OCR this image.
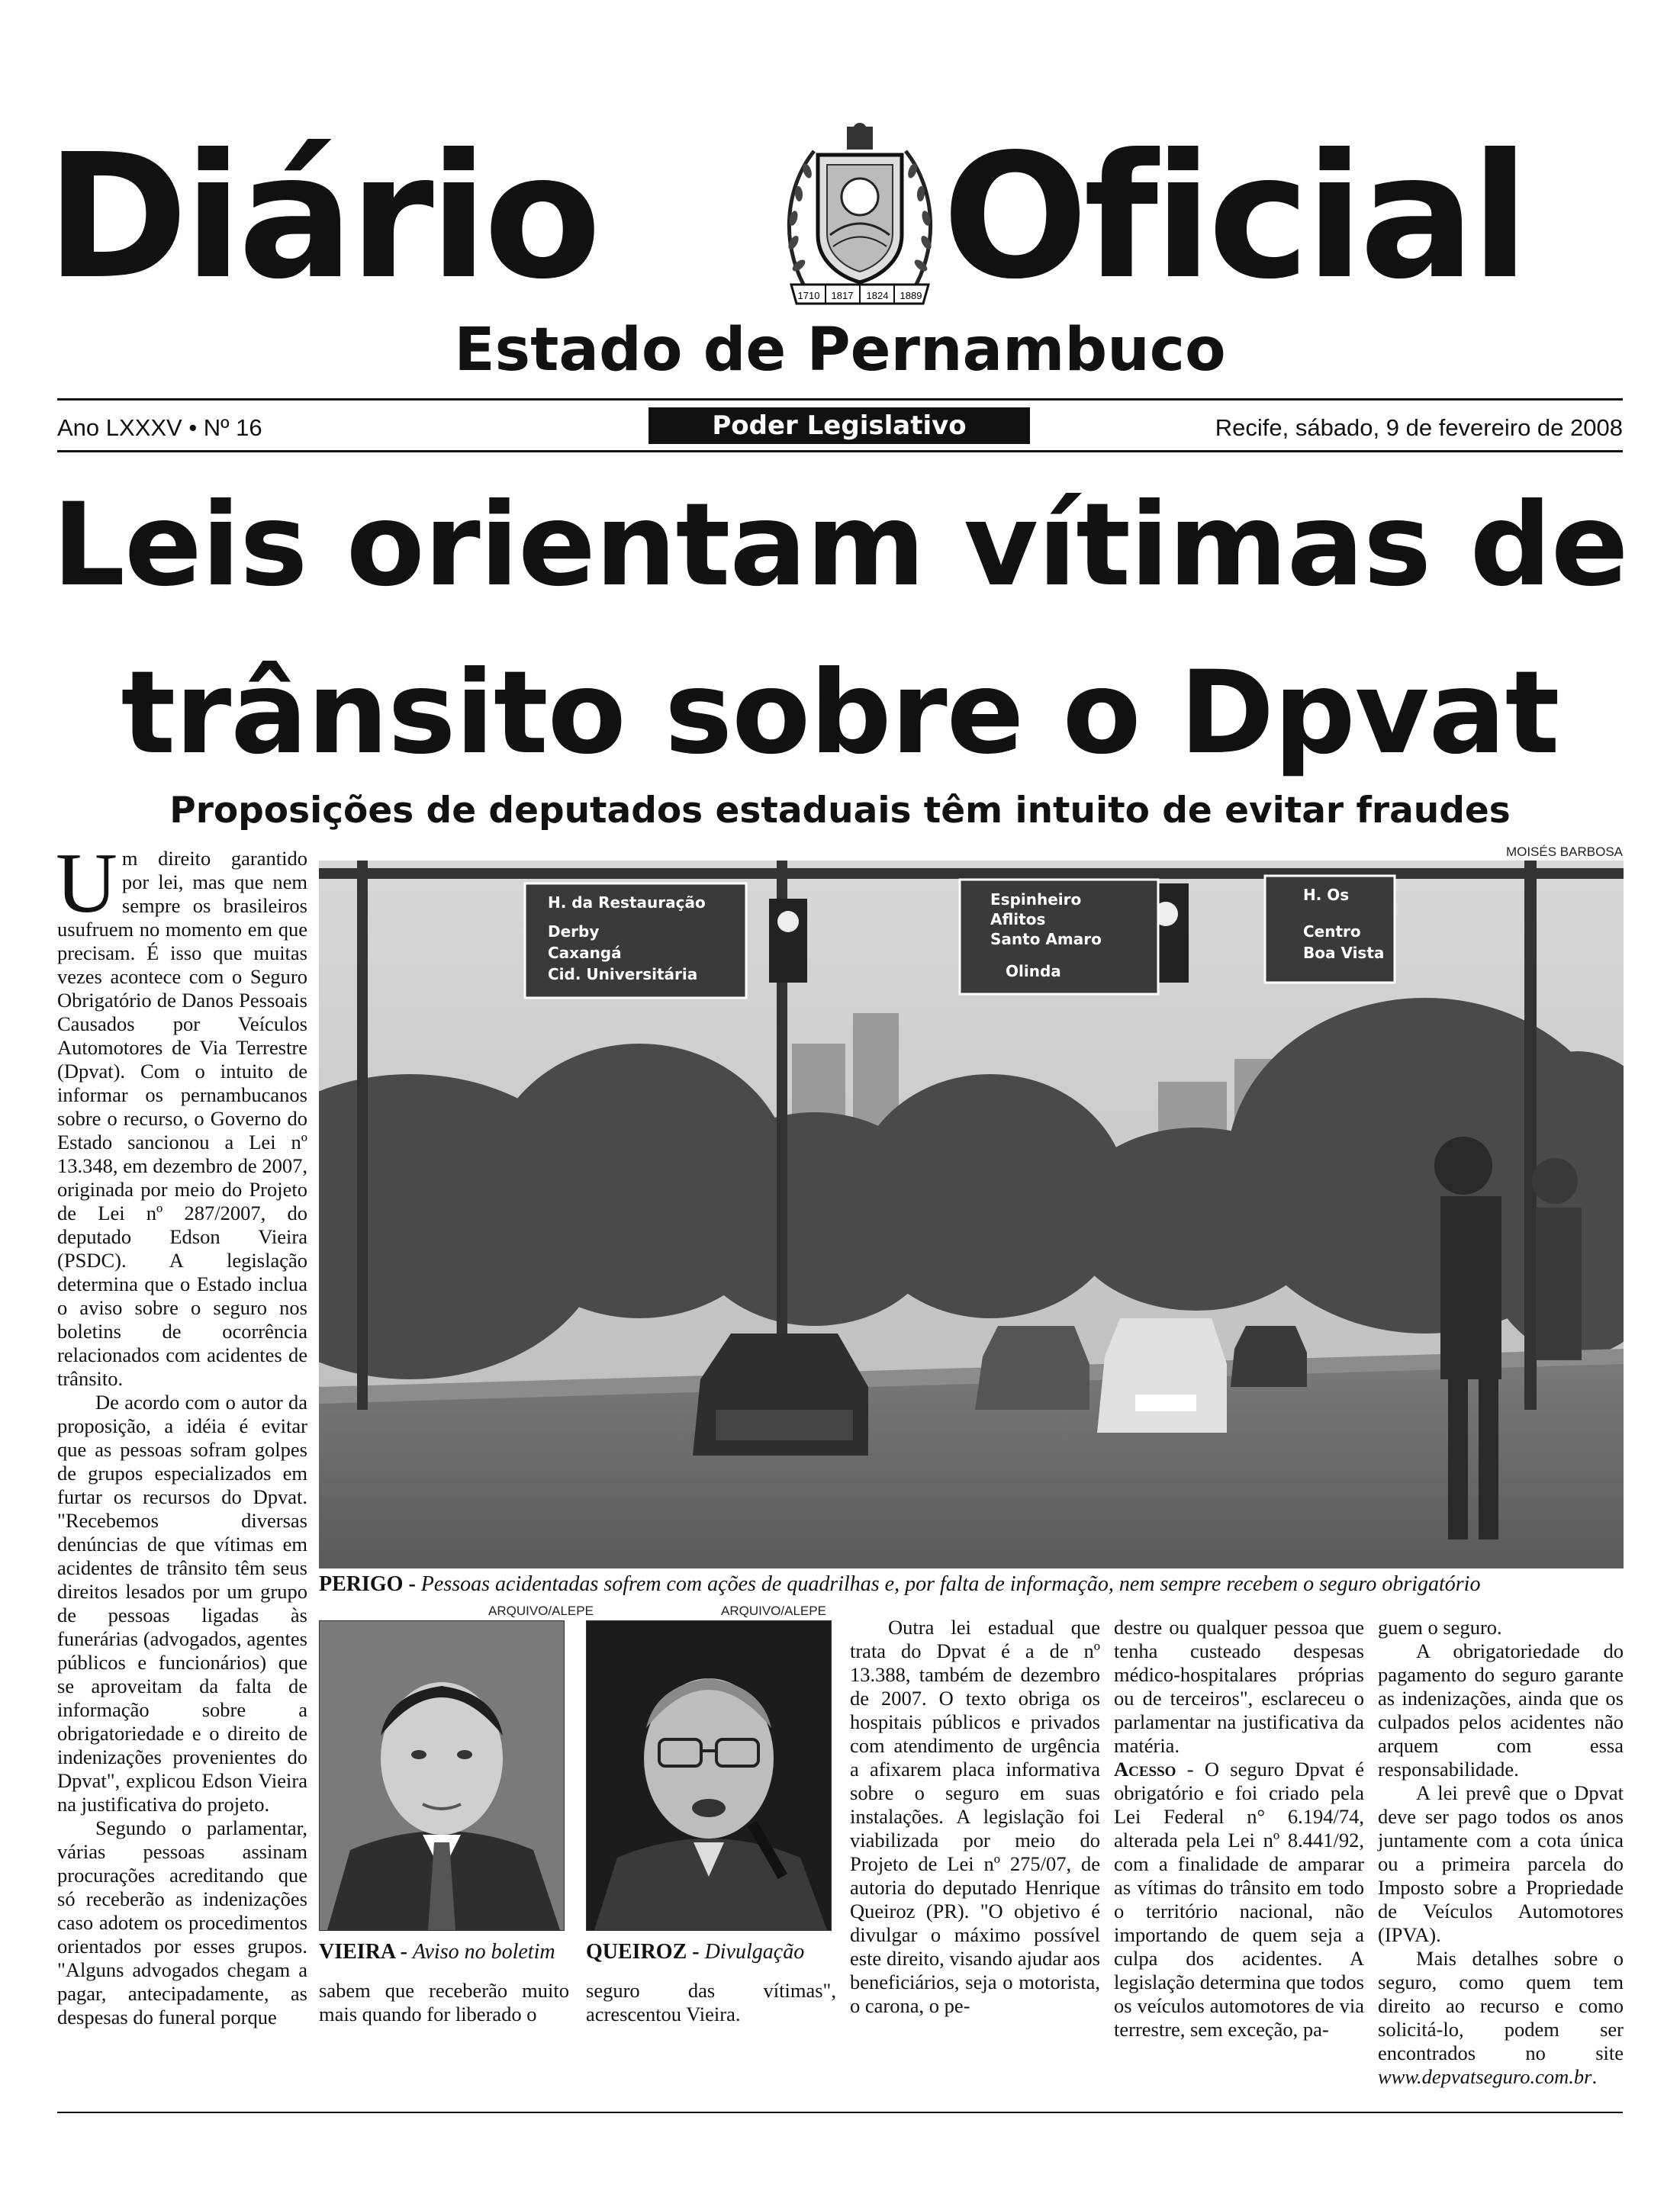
Diário	1710 1817 1824 1889 Oficial
Estado de Pernambuco
Ano LXXXV • Nº 16	Poder Legislativo	Recife, sábado, 9 de fevereiro de 2008
Leis orientam vítimas de
trânsito sobre o Dpvat
Proposições de deputados estaduais têm intuito de evitar fraudes

Um direito garantido por lei, mas que nem sempre os brasileiros usufruem no momento em que precisam. É isso que muitas vezes acontece com o Seguro Obrigatório de Danos Pessoais Causados por Veículos Automotores de Via Terrestre (Dpvat). Com o intuito de informar os pernambucanos sobre o recurso, o Governo do Estado sancionou a Lei nº 13.348, em dezembro de 2007, originada por meio do Projeto de Lei nº 287/2007, do deputado Edson Vieira (PSDC). A legislação determina que o Estado inclua o aviso sobre o seguro nos boletins de ocorrência relacionados com acidentes de trânsito.

De acordo com o autor da proposição, a idéia é evitar que as pessoas sofram golpes de grupos especializados em furtar os recursos do Dpvat. "Recebemos diversas denúncias de que vítimas em acidentes de trânsito têm seus direitos lesados por um grupo de pessoas ligadas às funerárias (advogados, agentes públicos e funcionários) que se aproveitam da falta de informação sobre a obrigatoriedade e o direito de indenizações provenientes do Dpvat", explicou Edson Vieira na justificativa do projeto.

Segundo o parlamentar, várias pessoas assinam procurações acreditando que só receberão as indenizações caso adotem os procedimentos orientados por esses grupos. "Alguns advogados chegam a pagar, antecipadamente, as despesas do funeral porque

MOISÉS BARBOSA
H. da Restauração
Derby
Caxangá
Cid. Universitária
Espinheiro
Aflitos
Santo Amaro
Olinda
H. Os
Centro
Boa Vista
PERIGO - Pessoas acidentadas sofrem com ações de quadrilhas e, por falta de informação, nem sempre recebem o seguro obrigatório
ARQUIVO/ALEPE
VIEIRA - Aviso no boletim
ARQUIVO/ALEPE
QUEIROZ - Divulgação

sabem que receberão muito mais quando for liberado o

seguro das vítimas", acrescentou Vieira.

Outra lei estadual que trata do Dpvat é a de nº 13.388, também de dezembro de 2007. O texto obriga os hospitais públicos e privados com atendimento de urgência a afixarem placa informativa sobre o seguro em suas instalações. A legislação foi viabilizada por meio do Projeto de Lei nº 275/07, de autoria do deputado Henrique Queiroz (PR). "O objetivo é divulgar o máximo possível este direito, visando ajudar aos beneficiários, seja o motorista, o carona, o pe-

destre ou qualquer pessoa que tenha custeado despesas médico-hospitalares próprias ou de terceiros", esclareceu o parlamentar na justificativa da matéria.

Acesso - O seguro Dpvat é obrigatório e foi criado pela Lei Federal n° 6.194/74, alterada pela Lei nº 8.441/92, com a finalidade de amparar as vítimas do trânsito em todo o território nacional, não importando de quem seja a culpa dos acidentes. A legislação determina que todos os veículos automotores de via terrestre, sem exceção, pa-

guem o seguro.

A obrigatoriedade do pagamento do seguro garante as indenizações, ainda que os culpados pelos acidentes não arquem com essa responsabilidade.

A lei prevê que o Dpvat deve ser pago todos os anos juntamente com a cota única ou a primeira parcela do Imposto sobre a Propriedade de Veículos Automotores (IPVA).

Mais detalhes sobre o seguro, como quem tem direito ao recurso e como solicitá-lo, podem ser encontrados no site www.depvatseguro.com.br.
